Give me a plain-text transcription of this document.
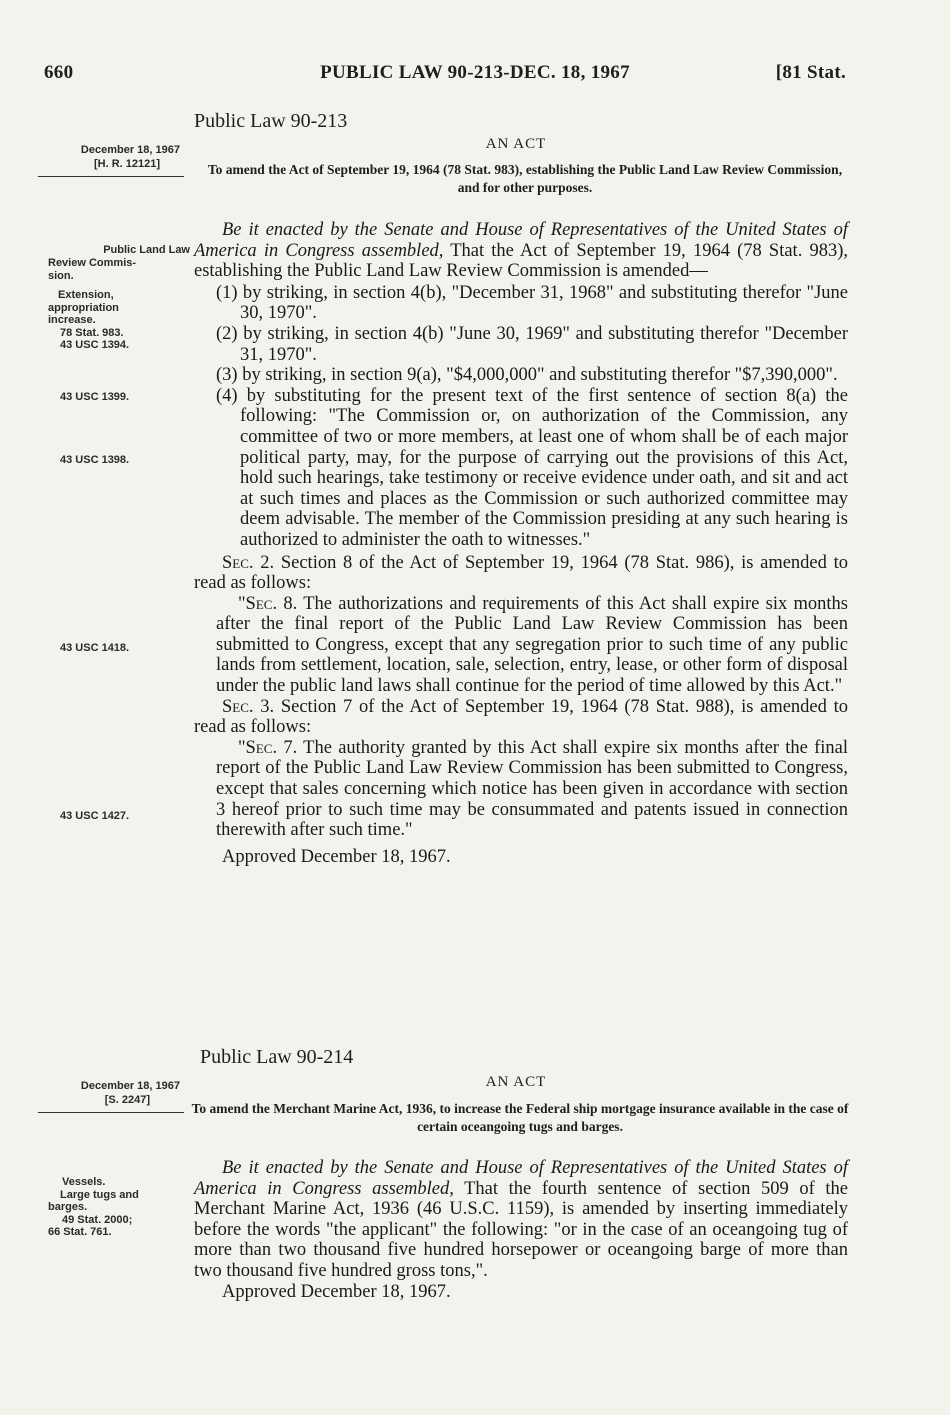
660	PUBLIC LAW 90-213-DEC. 18, 1967	[81 Stat.
Public Law 90-213
December 18, 1967
[H. R. 12121]
AN ACT
To amend the Act of September 19, 1964 (78 Stat. 983), establishing the Public Land Law Review Commission, and for other purposes.
Public Land Law
Review Commis-
sion.
Extension,
appropriation
increase.
78 Stat. 983.
43 USC 1394.
43 USC 1399.
43 USC 1398.
43 USC 1418.
43 USC 1427.

Be it enacted by the Senate and House of Representatives of the United States of America in Congress assembled, That the Act of September 19, 1964 (78 Stat. 983), establishing the Public Land Law Review Commission is amended—

(1) by striking, in section 4(b), "December 31, 1968" and substituting therefor "June 30, 1970".

(2) by striking, in section 4(b) "June 30, 1969" and substituting therefor "December 31, 1970".

(3) by striking, in section 9(a), "$4,000,000" and substituting therefor "$7,390,000".

(4) by substituting for the present text of the first sentence of section 8(a) the following: "The Commission or, on authorization of the Commission, any committee of two or more members, at least one of whom shall be of each major political party, may, for the purpose of carrying out the provisions of this Act, hold such hearings, take testimony or receive evidence under oath, and sit and act at such times and places as the Commission or such authorized committee may deem advisable. The member of the Commission presiding at any such hearing is authorized to administer the oath to witnesses."

Sec. 2. Section 8 of the Act of September 19, 1964 (78 Stat. 986), is amended to read as follows:

"Sec. 8. The authorizations and requirements of this Act shall expire six months after the final report of the Public Land Law Review Commission has been submitted to Congress, except that any segregation prior to such time of any public lands from settlement, location, sale, selection, entry, lease, or other form of disposal under the public land laws shall continue for the period of time allowed by this Act."

Sec. 3. Section 7 of the Act of September 19, 1964 (78 Stat. 988), is amended to read as follows:

"Sec. 7. The authority granted by this Act shall expire six months after the final report of the Public Land Law Review Commission has been submitted to Congress, except that sales concerning which notice has been given in accordance with section 3 hereof prior to such time may be consummated and patents issued in connection therewith after such time."

Approved December 18, 1967.

Public Law 90-214
December 18, 1967
[S. 2247]
AN ACT
To amend the Merchant Marine Act, 1936, to increase the Federal ship mortgage insurance available in the case of certain oceangoing tugs and barges.
Vessels.
Large tugs and
barges.
49 Stat. 2000;
66 Stat. 761.

Be it enacted by the Senate and House of Representatives of the United States of America in Congress assembled, That the fourth sentence of section 509 of the Merchant Marine Act, 1936 (46 U.S.C. 1159), is amended by inserting immediately before the words "the applicant" the following: "or in the case of an oceangoing tug of more than two thousand five hundred horsepower or oceangoing barge of more than two thousand five hundred gross tons,".

Approved December 18, 1967.
